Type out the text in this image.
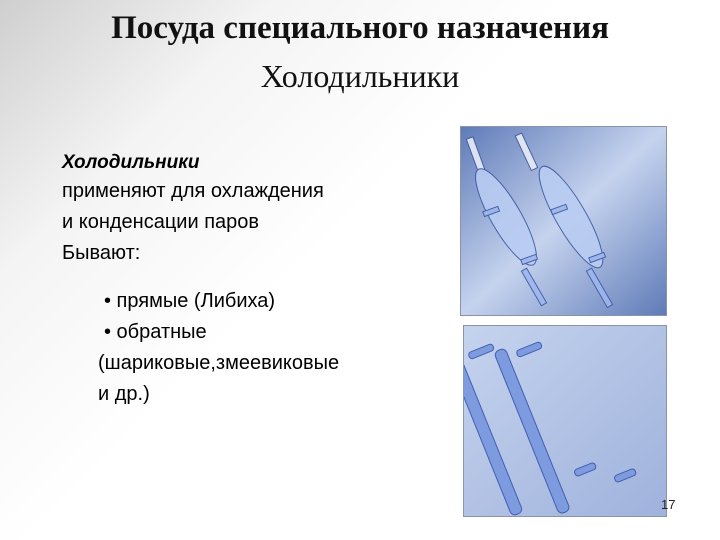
Посуда специального назначения
Холодильники
Холодильники
применяют для охлаждения
и конденсации паров
Бывают:
• прямые (Либиха)
• обратные
(шариковые,змеевиковые
и др.)
17
